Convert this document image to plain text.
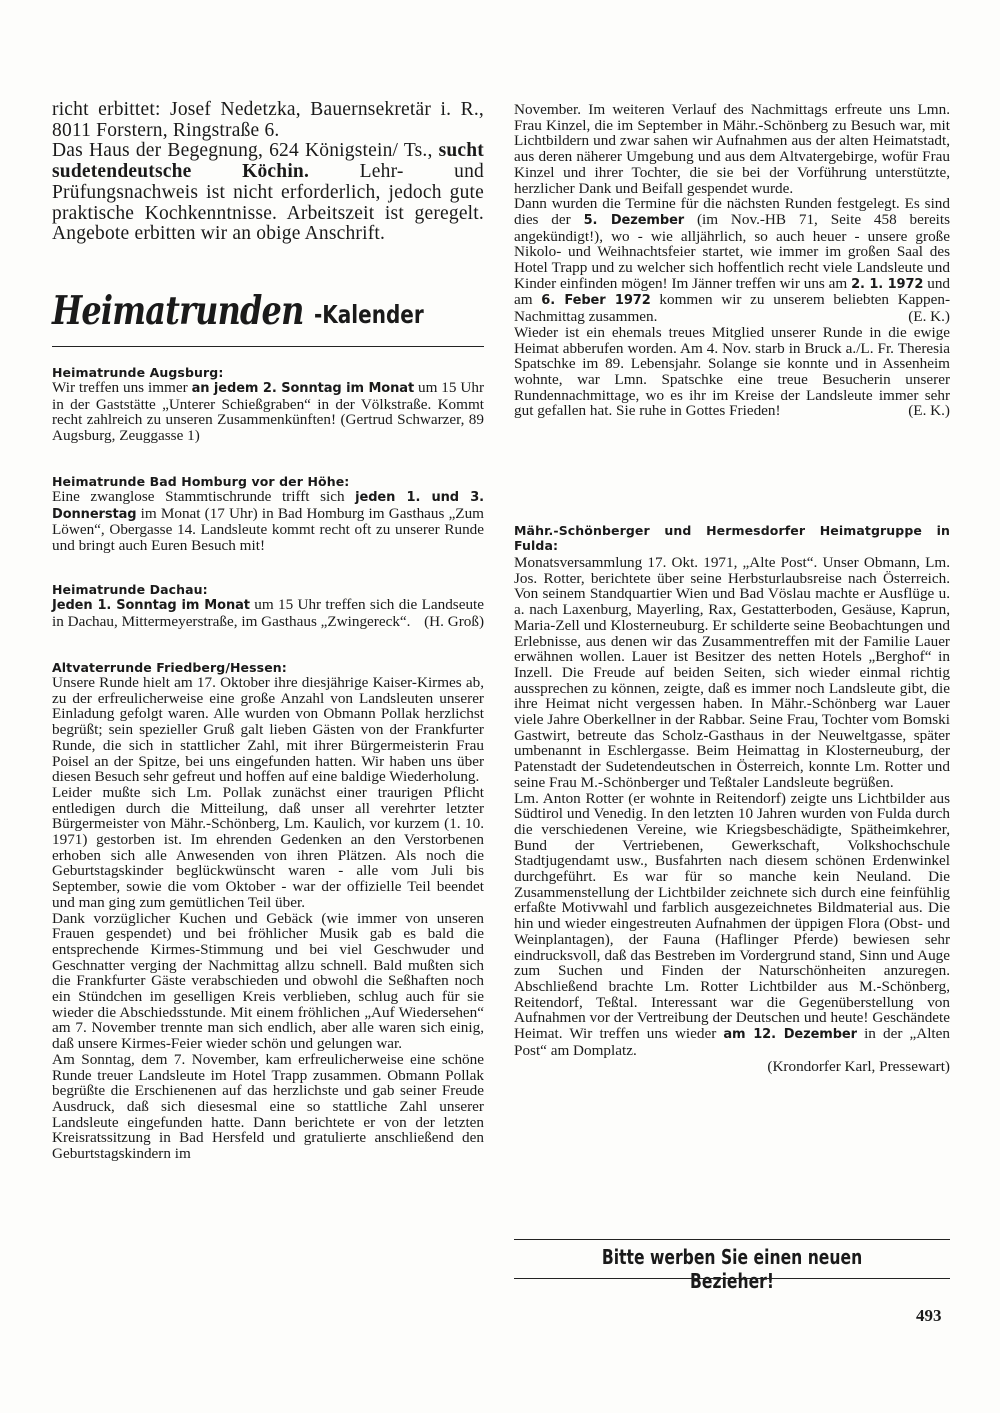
richt erbittet: Josef Nedetzka, Bauernsekretär i. R., 8011 Forstern, Ringstraße 6.

Das Haus der Begegnung, 624 Königstein/ Ts., sucht sudetendeutsche Köchin.	Lehr- und Prüfungsnachweis ist nicht erforderlich, jedoch gute praktische Kochkenntnisse. Arbeitszeit ist geregelt. Angebote erbitten wir an obige Anschrift.

Heimatrunden -Kalender

Heimatrunde Augsburg:

Wir treffen uns immer an jedem 2. Sonntag im Monat um 15 Uhr in der Gaststätte „Unterer Schießgraben“ in der Völkstraße. Kommt recht zahlreich zu unseren Zusammenkünften! (Gertrud Schwarzer, 89 Augsburg, Zeuggasse 1)

Heimatrunde Bad Homburg vor der Höhe:

Eine zwanglose Stammtischrunde trifft sich jeden 1. und 3. Donnerstag im Monat (17 Uhr) in Bad Homburg im Gasthaus „Zum Löwen“, Obergasse 14. Landsleute kommt recht oft zu unserer Runde und bringt auch Euren Besuch mit!

Heimatrunde Dachau:

Jeden 1. Sonntag im Monat um 15 Uhr treffen sich die Landseute in Dachau, Mittermeyerstraße, im Gasthaus „Zwingereck“. (H. Groß)

Altvaterrunde Friedberg/Hessen:

Unsere Runde hielt am 17. Oktober ihre diesjährige Kaiser-Kirmes ab, zu der erfreulicherweise eine große Anzahl von Landsleuten unserer Einladung gefolgt waren. Alle wurden von Obmann Pollak herzlichst begrüßt; sein spezieller Gruß galt lieben Gästen von der Frankfurter Runde, die sich in stattlicher Zahl, mit ihrer Bürgermeisterin Frau Poisel an der Spitze, bei uns eingefunden hatten. Wir haben uns über diesen Besuch sehr gefreut und hoffen auf eine baldige Wiederholung.

Leider mußte sich Lm. Pollak zunächst einer traurigen Pflicht entledigen durch die Mitteilung, daß unser all verehrter letzter Bürgermeister von Mähr.-Schönberg, Lm. Kaulich, vor kurzem (1. 10. 1971) gestorben ist. Im ehrenden Gedenken an den Verstorbenen erhoben sich alle Anwesenden von ihren Plätzen. Als noch die Geburtstagskinder beglückwünscht waren - alle vom Juli bis September, sowie die vom Oktober - war der offizielle Teil beendet und man ging zum gemütlichen Teil über.

Dank vorzüglicher Kuchen und Gebäck (wie immer von unseren Frauen gespendet) und bei fröhlicher Musik gab es bald die entsprechende Kirmes-Stimmung und bei viel Geschwuder und Geschnatter verging der Nachmittag allzu schnell. Bald mußten sich die Frankfurter Gäste verabschieden und obwohl die Seßhaften noch ein Stündchen im geselligen Kreis verblieben, schlug auch für sie wieder die Abschiedsstunde. Mit einem fröhlichen „Auf Wiedersehen“ am 7. November trennte man sich endlich, aber alle waren sich einig, daß unsere Kirmes-Feier wieder schön und gelungen war.

Am Sonntag, dem 7. November, kam erfreulicherweise eine schöne Runde treuer Landsleute im Hotel Trapp zusammen. Obmann Pollak begrüßte die Erschienenen auf das herzlichste und gab seiner Freude Ausdruck, daß sich diesesmal eine so stattliche Zahl unserer Landsleute eingefunden hatte. Dann berichtete er von der letzten Kreisratssitzung in Bad Hersfeld und gratulierte anschließend den Geburtstagskindern im

November. Im weiteren Verlauf des Nachmittags erfreute uns Lmn. Frau Kinzel, die im September in Mähr.-Schönberg zu Besuch war, mit Lichtbildern und zwar sahen wir Aufnahmen aus der alten Heimatstadt, aus deren näherer Umgebung und aus dem Altvatergebirge, wofür Frau Kinzel und ihrer Tochter, die sie bei der Vorführung unterstützte, herzlicher Dank und Beifall gespendet wurde.

Dann wurden die Termine für die nächsten Runden festgelegt. Es sind dies der 5. Dezember (im Nov.-HB 71, Seite 458 bereits angekündigt!), wo - wie alljährlich, so auch heuer - unsere große Nikolo- und Weihnachtsfeier startet, wie immer im großen Saal des Hotel Trapp und zu welcher sich hoffentlich recht viele Landsleute und Kinder einfinden mögen! Im Jänner treffen wir uns am 2. 1. 1972 und am 6. Feber 1972 kommen wir zu unserem beliebten Kappen-Nachmittag zusammen.	(E. K.)

Wieder ist ein ehemals treues Mitglied unserer Runde in die ewige Heimat abberufen worden. Am 4. Nov. starb in Bruck a./L. Fr. Theresia Spatschke im 89. Lebensjahr. Solange sie konnte und in Assenheim wohnte, war Lmn. Spatschke eine treue Besucherin unserer Rundennachmittage, wo es ihr im Kreise der Landsleute immer sehr gut gefallen hat. Sie ruhe in Gottes Frieden!	(E. K.)

Mähr.-Schönberger und Hermesdorfer Heimatgruppe in Fulda:

Monatsversammlung 17. Okt. 1971, „Alte Post“. Unser Obmann, Lm. Jos. Rotter, berichtete über seine Herbsturlaubsreise nach Österreich. Von seinem Standquartier Wien und Bad Vöslau machte er Ausflüge u. a. nach Laxenburg, Mayerling, Rax, Gestatterboden, Gesäuse, Kaprun, Maria-Zell und Klosterneuburg. Er schilderte seine Beobachtungen und Erlebnisse, aus denen wir das Zusammentreffen mit der Familie Lauer erwähnen wollen. Lauer ist Besitzer des netten Hotels „Berghof“ in Inzell. Die Freude auf beiden Seiten, sich wieder einmal richtig aussprechen zu können, zeigte, daß es immer noch Landsleute gibt, die ihre Heimat nicht vergessen haben. In Mähr.-Schönberg war Lauer viele Jahre Oberkellner in der Rabbar. Seine Frau, Tochter vom Bomski Gastwirt, betreute das Scholz-Gasthaus in der Neuweltgasse, später umbenannt in Eschlergasse. Beim Heimattag in Klosterneuburg, der Patenstadt der Sudetendeutschen in Österreich, konnte Lm. Rotter und seine Frau M.-Schönberger und Teßtaler Landsleute begrüßen.

Lm. Anton Rotter (er wohnte in Reitendorf) zeigte uns Lichtbilder aus Südtirol und Venedig. In den letzten 10 Jahren wurden von Fulda durch die verschiedenen Vereine, wie Kriegsbeschädigte, Spätheimkehrer, Bund der Vertriebenen, Gewerkschaft, Volkshochschule Stadtjugendamt usw., Busfahrten nach diesem schönen Erdenwinkel durchgeführt. Es war für so manche kein Neuland. Die Zusammenstellung der Lichtbilder zeichnete sich durch eine feinfühlig erfaßte Motivwahl und farblich ausgezeichnetes Bildmaterial aus. Die hin und wieder eingestreuten Aufnahmen der üppigen Flora (Obst- und Weinplantagen), der Fauna (Haflinger Pferde) bewiesen sehr eindrucksvoll, daß das Bestreben im Vordergrund stand, Sinn und Auge zum Suchen und Finden der Naturschönheiten anzuregen. Abschließend brachte Lm. Rotter Lichtbilder aus M.-Schönberg, Reitendorf, Teßtal. Interessant war die Gegenüberstellung von Aufnahmen vor der Vertreibung der Deutschen und heute! Geschändete Heimat. Wir treffen uns wieder am 12. Dezember in der „Alten Post“ am Domplatz.

(Krondorfer Karl, Pressewart)

Bitte werben Sie einen neuen Bezieher!
493
